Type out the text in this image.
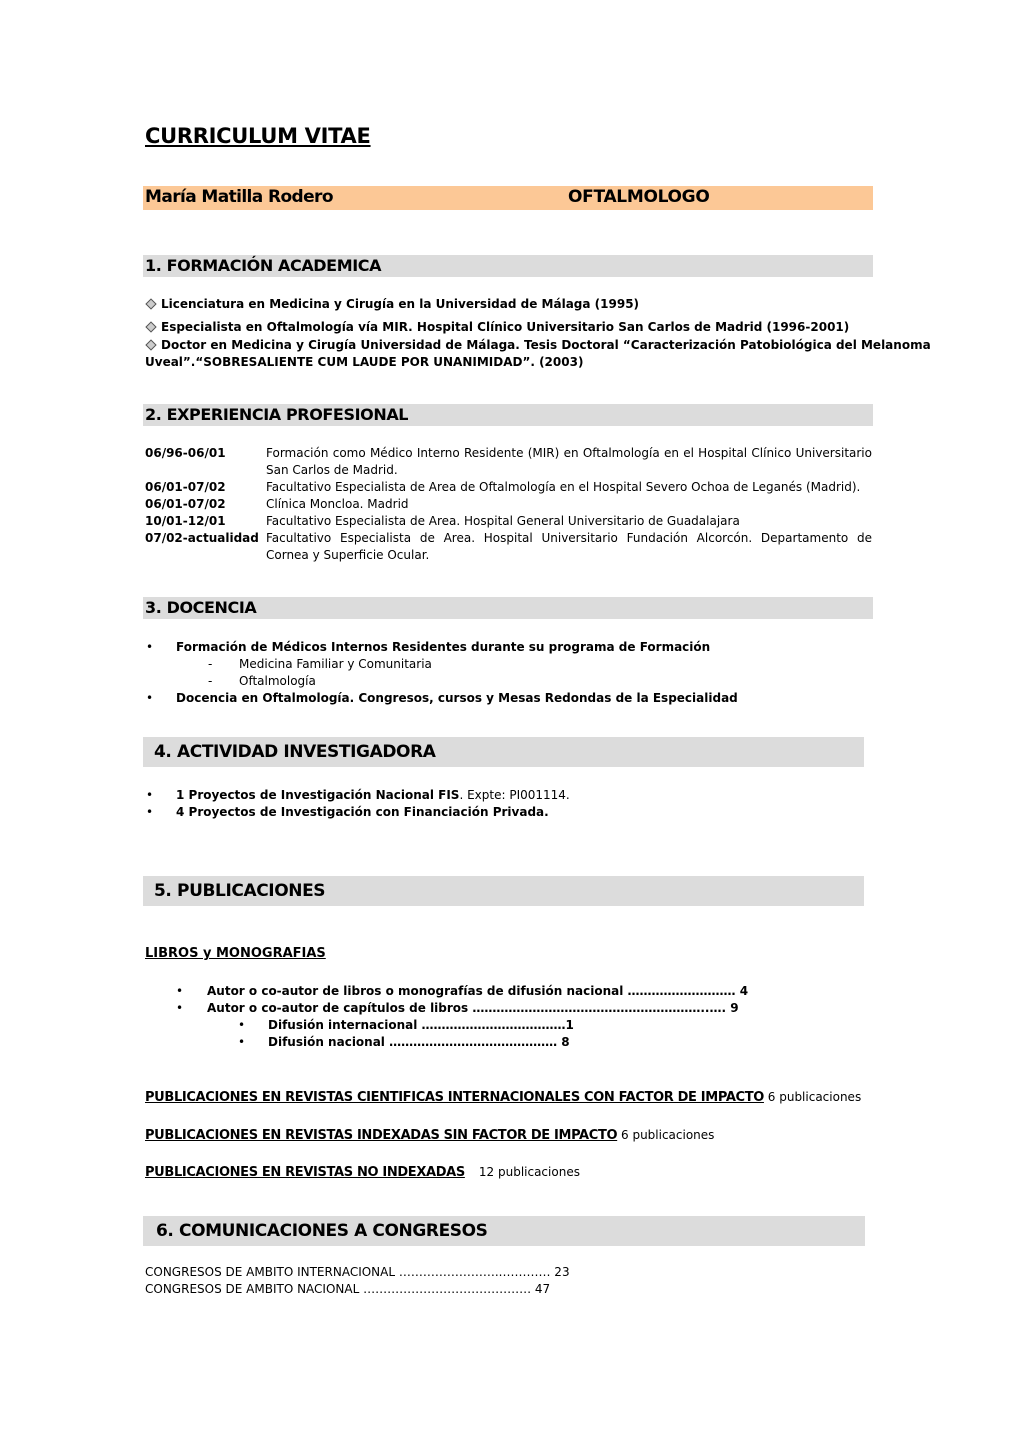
CURRICULUM VITAE
María Matilla Rodero	OFTALMOLOGO
1. FORMACIÓN ACADEMICA
Licenciatura en Medicina y Cirugía en la Universidad de Málaga (1995)
Especialista en Oftalmología vía MIR. Hospital Clínico Universitario San Carlos de Madrid (1996-2001)
Doctor en Medicina y Cirugía Universidad de Málaga. Tesis Doctoral “Caracterización Patobiológica del Melanoma
Uveal”.“SOBRESALIENTE CUM LAUDE POR UNANIMIDAD”. (2003)
2. EXPERIENCIA PROFESIONAL
06/96-06/01	Formación como Médico Interno Residente (MIR) en Oftalmología en el Hospital Clínico Universitario San Carlos de Madrid.
06/01-07/02	Facultativo Especialista de Area de Oftalmología en el Hospital Severo Ochoa de Leganés (Madrid).
06/01-07/02	Clínica Moncloa. Madrid
10/01-12/01	Facultativo Especialista de Area. Hospital General Universitario de Guadalajara
07/02-actualidad Facultativo Especialista de Area. Hospital Universitario Fundación Alcorcón. Departamento de Cornea y Superficie Ocular.
3. DOCENCIA
• Formación de Médicos Internos Residentes durante su programa de Formación
- Medicina Familiar y Comunitaria
- Oftalmología
• Docencia en Oftalmología. Congresos, cursos y Mesas Redondas de la Especialidad
4. ACTIVIDAD INVESTIGADORA
• 1 Proyectos de Investigación Nacional FIS. Expte: PI001114.
• 4 Proyectos de Investigación con Financiación Privada.
5. PUBLICACIONES
LIBROS y MONOGRAFIAS
• Autor o co-autor de libros o monografías de difusión nacional ……………………… 4
• Autor o co-autor de capítulos de libros …………………………………………………..…. 9
• Difusión internacional ………………………………1
• Difusión nacional …………………………………… 8
PUBLICACIONES EN REVISTAS CIENTIFICAS INTERNACIONALES CON FACTOR DE IMPACTO 6 publicaciones
PUBLICACIONES EN REVISTAS INDEXADAS SIN FACTOR DE IMPACTO 6 publicaciones
PUBLICACIONES EN REVISTAS NO INDEXADAS 12 publicaciones
6. COMUNICACIONES A CONGRESOS
CONGRESOS DE AMBITO INTERNACIONAL ……………………..………… 23
CONGRESOS DE AMBITO NACIONAL …………………………………… 47
